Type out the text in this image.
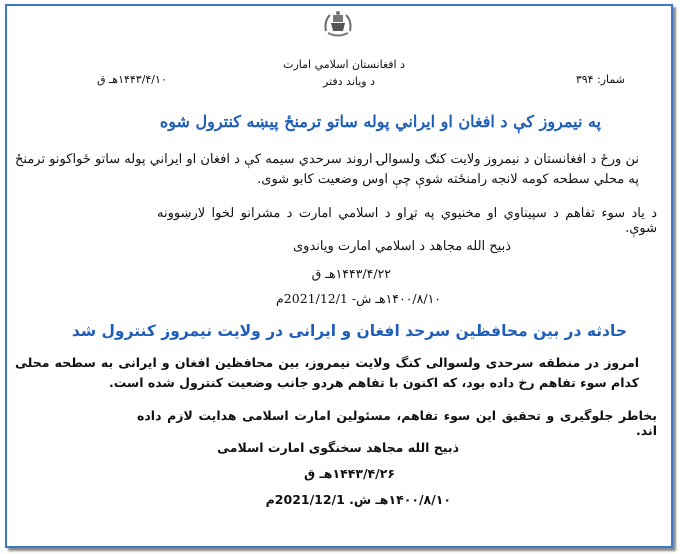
د افغانستان اسلامي امارت
د وياند دفتر	شمار: ۳۹۴
۱۴۴۳/۴/۱۰هـ ق
په نیمروز کې د افغان او ایراني پوله ساتو ترمنځ پیښه کنترول شوه
نن ورځ د افغانستان د نیمروز ولایت کنګ ولسوالۍ اروند سرحدي سیمه کې د افغان او ایراني پوله ساتو ځواکونو ترمنځ په محلي سطحه کومه لانجه رامنځته شوې چې اوس وضعیت کابو شوی.
د یاد سوء تفاهم د سپیناوي او مخنیوي په تړاو د اسلامي امارت د مشرانو لخوا لارښوونه شوې.
ذبیح الله مجاهد د اسلامي امارت ویاندوی
۱۴۴۳/۴/۲۲هـ ق
۱۴۰۰/۸/۱۰هـ ش- 2021/12/1م
حادثه در بین محافظین سرحد افغان و ایرانی در ولایت نیمروز کنترول شد
امروز در منطقه سرحدی ولسوالی کنگ ولایت نیمروز، بین محافظین افغان و ایرانی به سطحه محلی کدام سوء تفاهم رخ داده بود، که اکنون با تفاهم هردو جانب وضعیت کنترول شده است.
بخاطر جلوگیری و تحقیق این سوء تفاهم، مسئولین امارت اسلامی هدایت لازم داده اند.
ذبیح الله مجاهد سخنگوی امارت اسلامی
۱۴۴۳/۴/۲۶هـ ق
۱۴۰۰/۸/۱۰هـ ش. 2021/12/1م
